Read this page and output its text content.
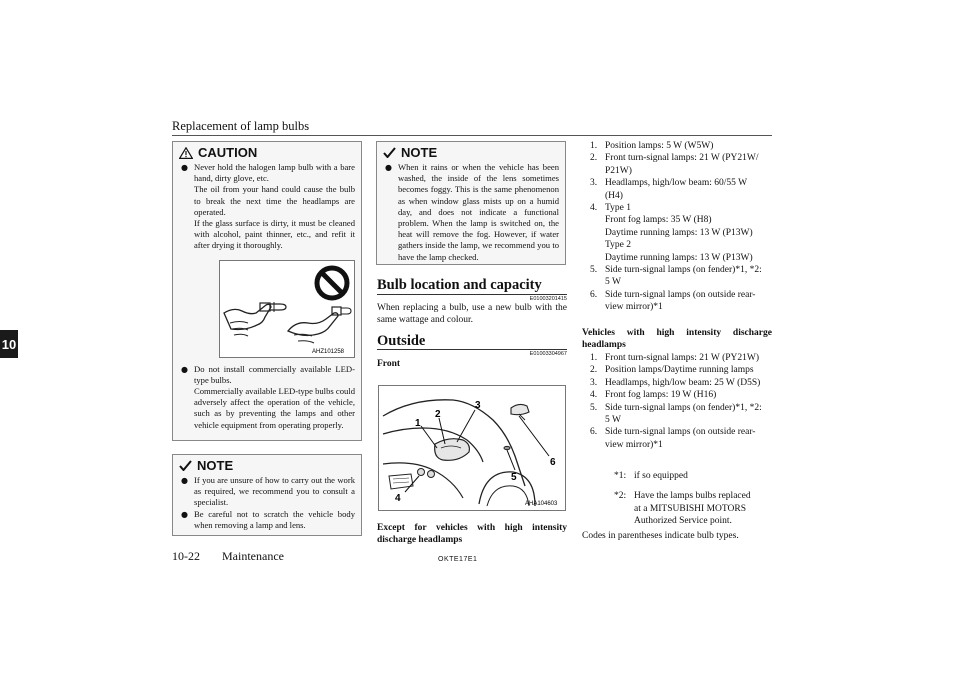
Replacement of lamp bulbs
10
CAUTION
● Never hold the halogen lamp bulb with a bare hand, dirty glove, etc.
The oil from your hand could cause the bulb to break the next time the headlamps are operated.
If the glass surface is dirty, it must be cleaned with alcohol, paint thinner, etc., and refit it after drying it thoroughly.
AHZ101258
● Do not install commercially available LED-type bulbs.
Commercially available LED-type bulbs could adversely affect the operation of the vehicle, such as by preventing the lamps and other vehicle equipment from operating properly.
NOTE
● If you are unsure of how to carry out the work as required, we recommend you to consult a specialist.
● Be careful not to scratch the vehicle body when removing a lamp and lens.
NOTE
● When it rains or when the vehicle has been washed, the inside of the lens sometimes becomes foggy. This is the same phenomenon as when window glass mists up on a humid day, and does not indicate a functional problem. When the lamp is switched on, the heat will remove the fog. However, if water gathers inside the lamp, we recommend you to have the lamp checked.
Bulb location and capacity
E01003201415
When replacing a bulb, use a new bulb with the same wattage and colour.
Outside
E01003304967
Front
1
2
3
4
5
6
AHA104603
Except for vehicles with high intensity discharge headlamps
1. Position lamps: 5 W (W5W)
2. Front turn-signal lamps: 21 W (PY21W/
P21W)
3. Headlamps, high/low beam: 60/55 W
(H4)
4. Type 1
Front fog lamps: 35 W (H8)
Daytime running lamps: 13 W (P13W)
Type 2
Daytime running lamps: 13 W (P13W)
5. Side turn-signal lamps (on fender)*1, *2:
5 W
6. Side turn-signal lamps (on outside rear-
view mirror)*1
Vehicles with high intensity discharge headlamps
1. Front turn-signal lamps: 21 W (PY21W)
2. Position lamps/Daytime running lamps
3. Headlamps, high/low beam: 25 W (D5S)
4. Front fog lamps: 19 W (H16)
5. Side turn-signal lamps (on fender)*1, *2:
5 W
6. Side turn-signal lamps (on outside rear-
view mirror)*1
*1: if so equipped
*2: Have the lamps bulbs replaced
at a MITSUBISHI MOTORS
Authorized Service point.
Codes in parentheses indicate bulb types.
10-22 Maintenance	OKTE17E1
